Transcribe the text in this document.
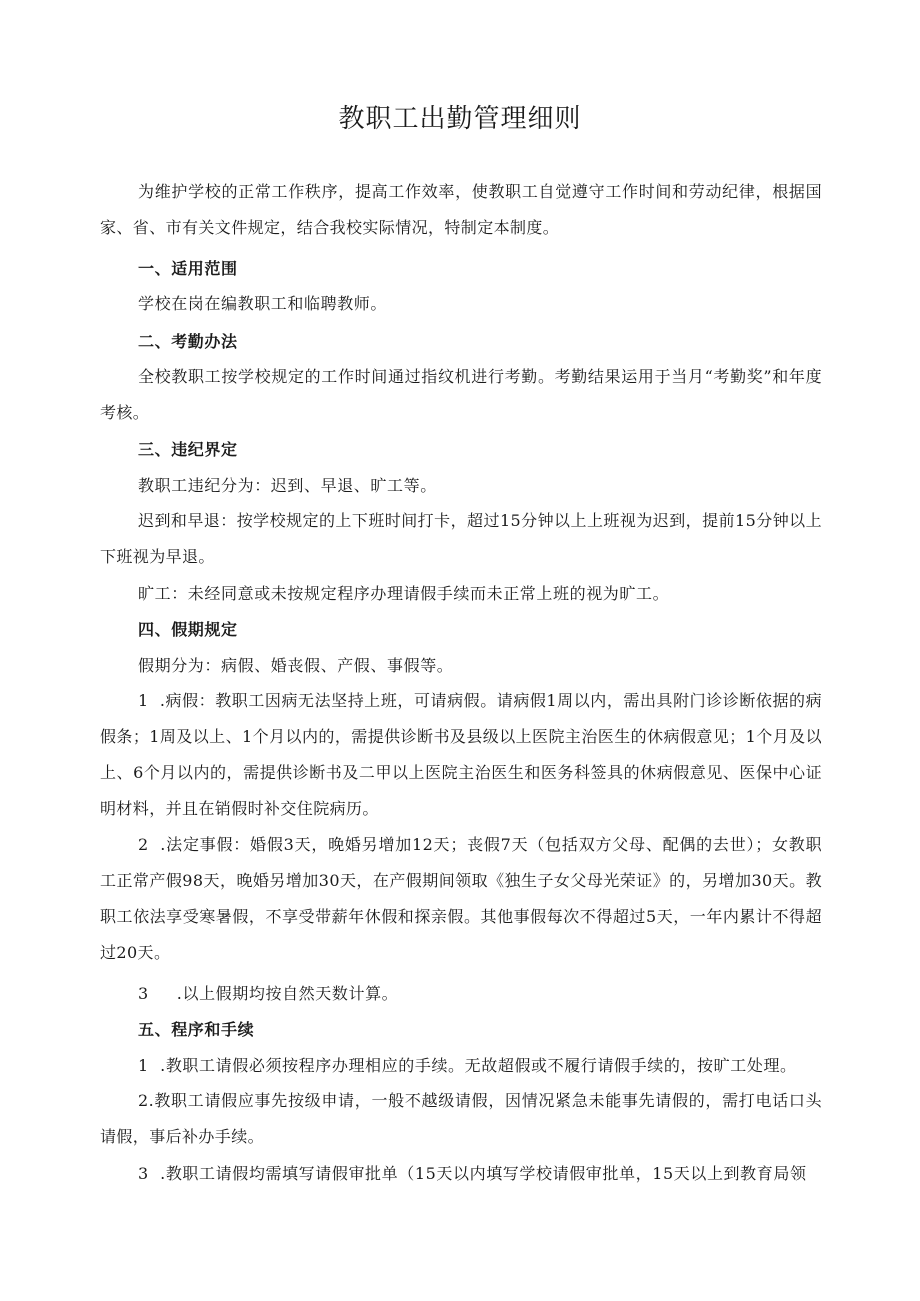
教职工出勤管理细则

为维护学校的正常工作秩序，提高工作效率，使教职工自觉遵守工作时间和劳动纪律，根据国家、省、市有关文件规定，结合我校实际情况，特制定本制度。

一、适用范围
学校在岗在编教职工和临聘教师。
二、考勤办法

全校教职工按学校规定的工作时间通过指纹机进行考勤。考勤结果运用于当月“考勤奖”和年度考核。

三、违纪界定
教职工违纪分为：迟到、早退、旷工等。

迟到和早退：按学校规定的上下班时间打卡，超过15分钟以上上班视为迟到，提前15分钟以上下班视为早退。

旷工：未经同意或未按规定程序办理请假手续而未正常上班的视为旷工。
四、假期规定
假期分为：病假、婚丧假、产假、事假等。

1  .病假：教职工因病无法坚持上班，可请病假。请病假1周以内，需出具附门诊诊断依据的病假条；1周及以上、1个月以内的，需提供诊断书及县级以上医院主治医生的休病假意见；1个月及以上、6个月以内的，需提供诊断书及二甲以上医院主治医生和医务科签具的休病假意见、医保中心证明材料，并且在销假时补交住院病历。

2  .法定事假：婚假3天，晚婚另增加12天；丧假7天（包括双方父母、配偶的去世）；女教职工正常产假98天，晚婚另增加30天，在产假期间领取《独生子女父母光荣证》的，另增加30天。教职工依法享受寒暑假，不享受带薪年休假和探亲假。其他事假每次不得超过5天，一年内累计不得超过20天。

3 .以上假期均按自然天数计算。
五、程序和手续
1  .教职工请假必须按程序办理相应的手续。无故超假或不履行请假手续的，按旷工处理。

2.教职工请假应事先按级申请，一般不越级请假，因情况紧急未能事先请假的，需打电话口头请假，事后补办手续。

3  .教职工请假均需填写请假审批单（15天以内填写学校请假审批单，15天以上到教育局领
